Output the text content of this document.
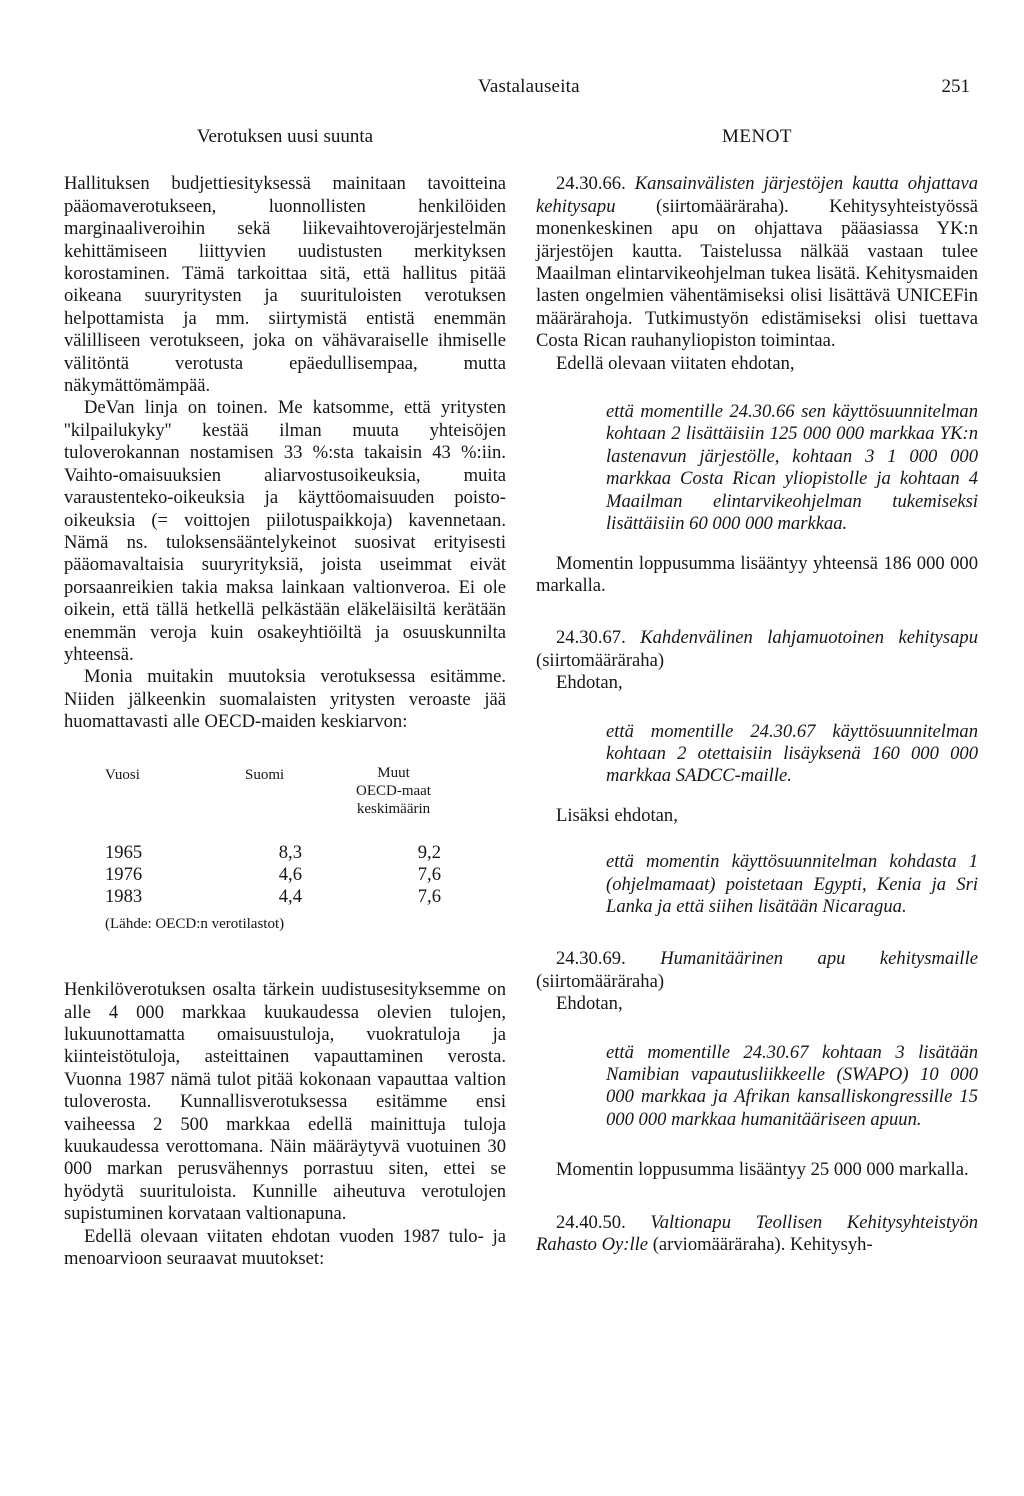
Vastalauseita	251
Verotuksen uusi suunta

Hallituksen budjettiesityksessä mainitaan tavoitteina pääomaverotukseen, luonnollisten henkilöiden marginaaliveroihin sekä liikevaihtoverojärjestelmän kehittämiseen liittyvien uudistusten merkityksen korostaminen. Tämä tarkoittaa sitä, että hallitus pitää oikeana suuryritysten ja suurituloisten verotuksen helpottamista ja mm. siirtymistä entistä enemmän välilliseen verotukseen, joka on vähävaraiselle ihmiselle välitöntä verotusta epäedullisempaa, mutta näkymättömämpää.

DeVan linja on toinen. Me katsomme, että yritysten ''kilpailukyky'' kestää ilman muuta yhteisöjen tuloverokannan nostamisen 33 %:sta takaisin 43 %:iin. Vaihto-omaisuuksien aliarvostusoikeuksia, muita varaustenteko-oikeuksia ja käyttöomaisuuden poisto-oikeuksia (= voittojen piilotuspaikkoja) kavennetaan. Nämä ns. tuloksensääntelykeinot suosivat erityisesti pääomavaltaisia suuryrityksiä, joista useimmat eivät porsaanreikien takia maksa lainkaan valtionveroa. Ei ole oikein, että tällä hetkellä pelkästään eläkeläisiltä kerätään enemmän veroja kuin osakeyhtiöiltä ja osuuskunnilta yhteensä.

Monia muitakin muutoksia verotuksessa esitämme. Niiden jälkeenkin suomalaisten yritysten veroaste jää huomattavasti alle OECD-maiden keskiarvon:

Vuosi	Suomi	Muut
OECD-maat
keskimäärin
1965	8,3	9,2
1976	4,6	7,6
1983	4,4	7,6
(Lähde: OECD:n verotilastot)

Henkilöverotuksen osalta tärkein uudistusesityksemme on alle 4 000 markkaa kuukaudessa olevien tulojen, lukuunottamatta omaisuustuloja, vuokratuloja ja kiinteistötuloja, asteittainen vapauttaminen verosta. Vuonna 1987 nämä tulot pitää kokonaan vapauttaa valtion tuloverosta. Kunnallisverotuksessa esitämme ensi vaiheessa 2 500 markkaa edellä mainittuja tuloja kuukaudessa verottomana. Näin määräytyvä vuotuinen 30 000 markan perusvähennys porrastuu siten, ettei se hyödytä suurituloista. Kunnille aiheutuva verotulojen supistuminen korvataan valtionapuna.

Edellä olevaan viitaten ehdotan vuoden 1987 tulo- ja menoarvioon seuraavat muutokset:

MENOT

24.30.66. Kansainvälisten järjestöjen kautta ohjattava kehitysapu (siirtomääräraha). Kehitysyhteistyössä monenkeskinen apu on ohjattava pääasiassa YK:n järjestöjen kautta. Taistelussa nälkää vastaan tulee Maailman elintarvikeohjelman tukea lisätä. Kehitysmaiden lasten ongelmien vähentämiseksi olisi lisättävä UNICEFin määrärahoja. Tutkimustyön edistämiseksi olisi tuettava Costa Rican rauhanyliopiston toimintaa.

Edellä olevaan viitaten ehdotan,

että momentille 24.30.66 sen käyttösuunnitelman kohtaan 2 lisättäisiin 125 000 000 markkaa YK:n lastenavun järjestölle, kohtaan 3 1 000 000 markkaa Costa Rican yliopistolle ja kohtaan 4 Maailman elintarvikeohjelman tukemiseksi lisättäisiin 60 000 000 markkaa.

Momentin loppusumma lisääntyy yhteensä 186 000 000 markalla.

24.30.67. Kahdenvälinen lahjamuotoinen kehitysapu (siirtomääräraha)

Ehdotan,

että momentille 24.30.67 käyttösuunnitelman kohtaan 2 otettaisiin lisäyksenä 160 000 000 markkaa SADCC-maille.

Lisäksi ehdotan,

että momentin käyttösuunnitelman kohdasta 1 (ohjelmamaat) poistetaan Egypti, Kenia ja Sri Lanka ja että siihen lisätään Nicaragua.

24.30.69. Humanitäärinen apu kehitysmaille (siirtomääräraha)

Ehdotan,

että momentille 24.30.67 kohtaan 3 lisätään Namibian vapautusliikkeelle (SWAPO) 10 000 000 markkaa ja Afrikan kansalliskongressille 15 000 000 markkaa humanitääriseen apuun.

Momentin loppusumma lisääntyy 25 000 000 markalla.

24.40.50. Valtionapu Teollisen Kehitysyhteistyön Rahasto Oy:lle (arviomääräraha). Kehitysyh-
